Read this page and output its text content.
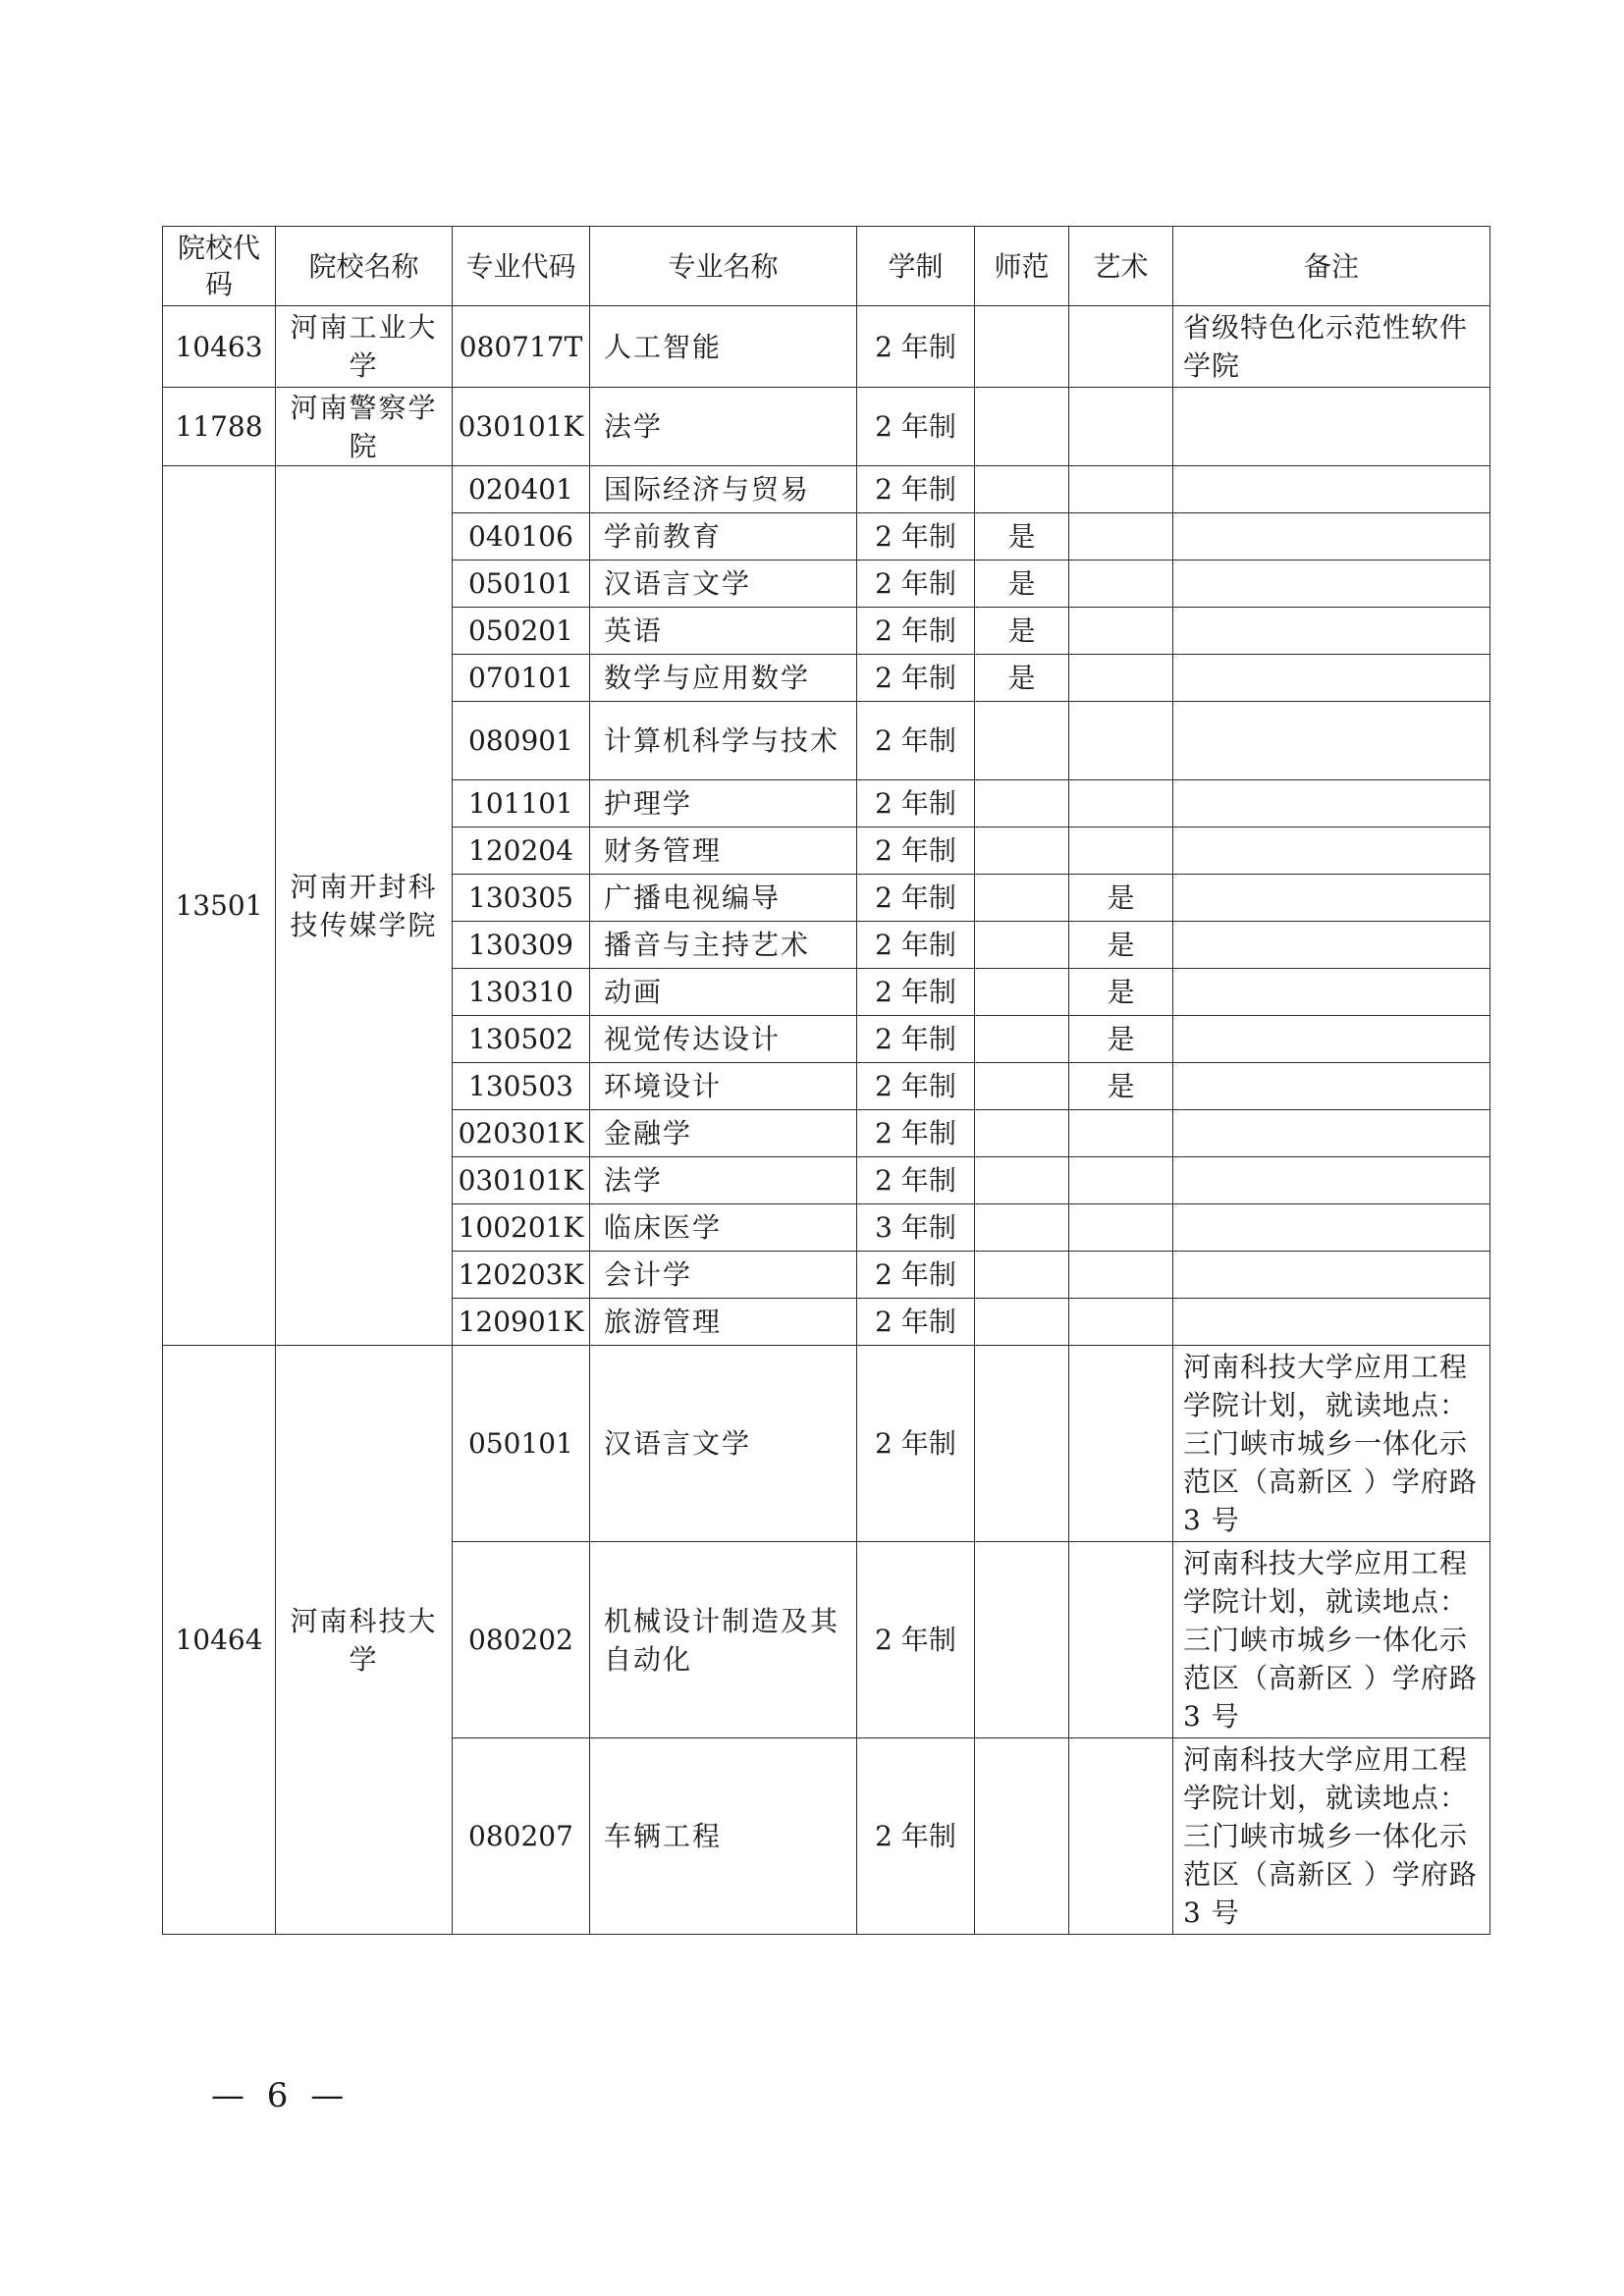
院校代码	院校名称	专业代码	专业名称	学制	师范	艺术	备注
10463	河南工业大学	080717T	人工智能	2 年制			省级特色化示范性软件学院
11788	河南警察学院	030101K	法学	2 年制			
13501	河南开封科技传媒学院	020401	国际经济与贸易	2 年制			
		040106	学前教育	2 年制	是		
		050101	汉语言文学	2 年制	是		
		050201	英语	2 年制	是		
		070101	数学与应用数学	2 年制	是		
		080901	计算机科学与技术	2 年制			
		101101	护理学	2 年制			
		120204	财务管理	2 年制			
		130305	广播电视编导	2 年制		是	
		130309	播音与主持艺术	2 年制		是	
		130310	动画	2 年制		是	
		130502	视觉传达设计	2 年制		是	
		130503	环境设计	2 年制		是	
		020301K	金融学	2 年制			
		030101K	法学	2 年制			
		100201K	临床医学	3 年制			
		120203K	会计学	2 年制			
		120901K	旅游管理	2 年制			
10464	河南科技大学	050101	汉语言文学	2 年制			河南科技大学应用工程学院计划，就读地点：三门峡市城乡一体化示范区（高新区 ）学府路 3 号
		080202	机械设计制造及其自动化	2 年制			河南科技大学应用工程学院计划，就读地点：三门峡市城乡一体化示范区（高新区 ）学府路 3 号
		080207	车辆工程	2 年制			河南科技大学应用工程学院计划，就读地点：三门峡市城乡一体化示范区（高新区 ）学府路 3 号
— 6 —
